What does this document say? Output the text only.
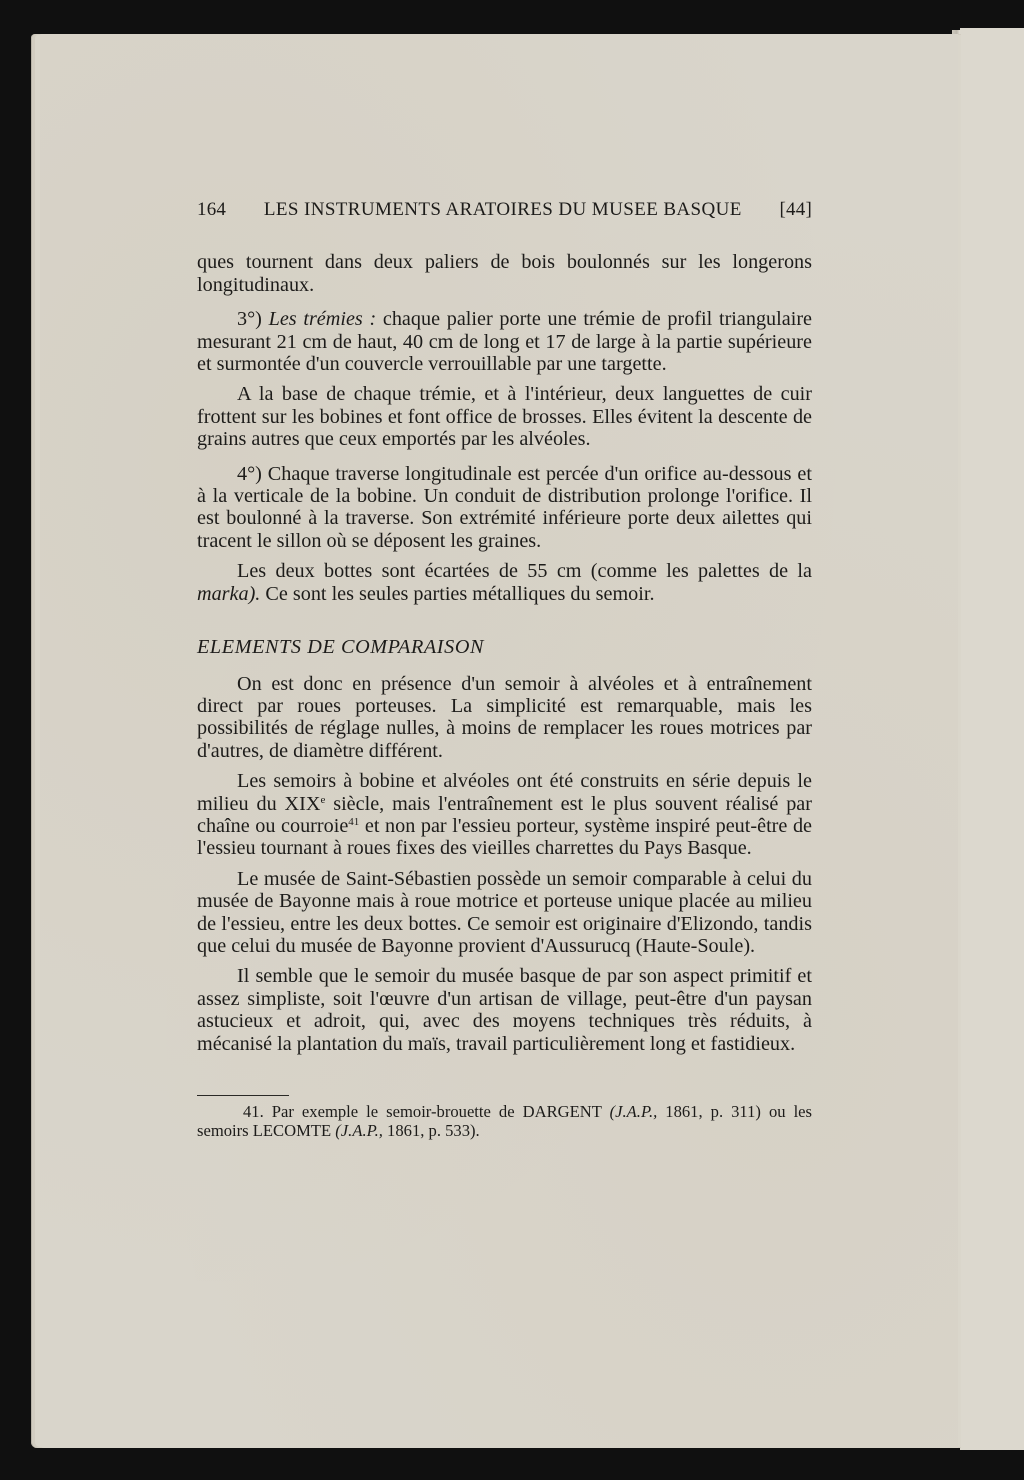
164 LES INSTRUMENTS ARATOIRES DU MUSEE BASQUE [44]

ques tournent dans deux paliers de bois boulonnés sur les longerons longitudinaux.

3°) Les trémies : chaque palier porte une trémie de profil triangulaire mesurant 21 cm de haut, 40 cm de long et 17 de large à la partie supérieure et surmontée d'un couvercle verrouillable par une targette.

A la base de chaque trémie, et à l'intérieur, deux languettes de cuir frottent sur les bobines et font office de brosses. Elles évitent la descente de grains autres que ceux emportés par les alvéoles.

4°) Chaque traverse longitudinale est percée d'un orifice au-dessous et à la verticale de la bobine. Un conduit de distribution prolonge l'orifice. Il est boulonné à la traverse. Son extrémité inférieure porte deux ailettes qui tracent le sillon où se déposent les graines.

Les deux bottes sont écartées de 55 cm (comme les palettes de la marka). Ce sont les seules parties métalliques du semoir.

ELEMENTS DE COMPARAISON

On est donc en présence d'un semoir à alvéoles et à entraînement direct par roues porteuses. La simplicité est remarquable, mais les possibilités de réglage nulles, à moins de remplacer les roues motrices par d'autres, de diamètre différent.

Les semoirs à bobine et alvéoles ont été construits en série depuis le milieu du XIXe siècle, mais l'entraînement est le plus souvent réalisé par chaîne ou courroie$^{41}$ et non par l'essieu porteur, système inspiré peut-être de l'essieu tournant à roues fixes des vieilles charrettes du Pays Basque.

Le musée de Saint-Sébastien possède un semoir comparable à celui du musée de Bayonne mais à roue motrice et porteuse unique placée au milieu de l'essieu, entre les deux bottes. Ce semoir est originaire d'Elizondo, tandis que celui du musée de Bayonne provient d'Aussurucq (Haute-Soule).

Il semble que le semoir du musée basque de par son aspect primitif et assez simpliste, soit l'œuvre d'un artisan de village, peut-être d'un paysan astucieux et adroit, qui, avec des moyens techniques très réduits, à mécanisé la plantation du maïs, travail particulièrement long et fastidieux.

41. Par exemple le semoir-brouette de DARGENT (J.A.P., 1861, p. 311) ou les semoirs LECOMTE (J.A.P., 1861, p. 533).
